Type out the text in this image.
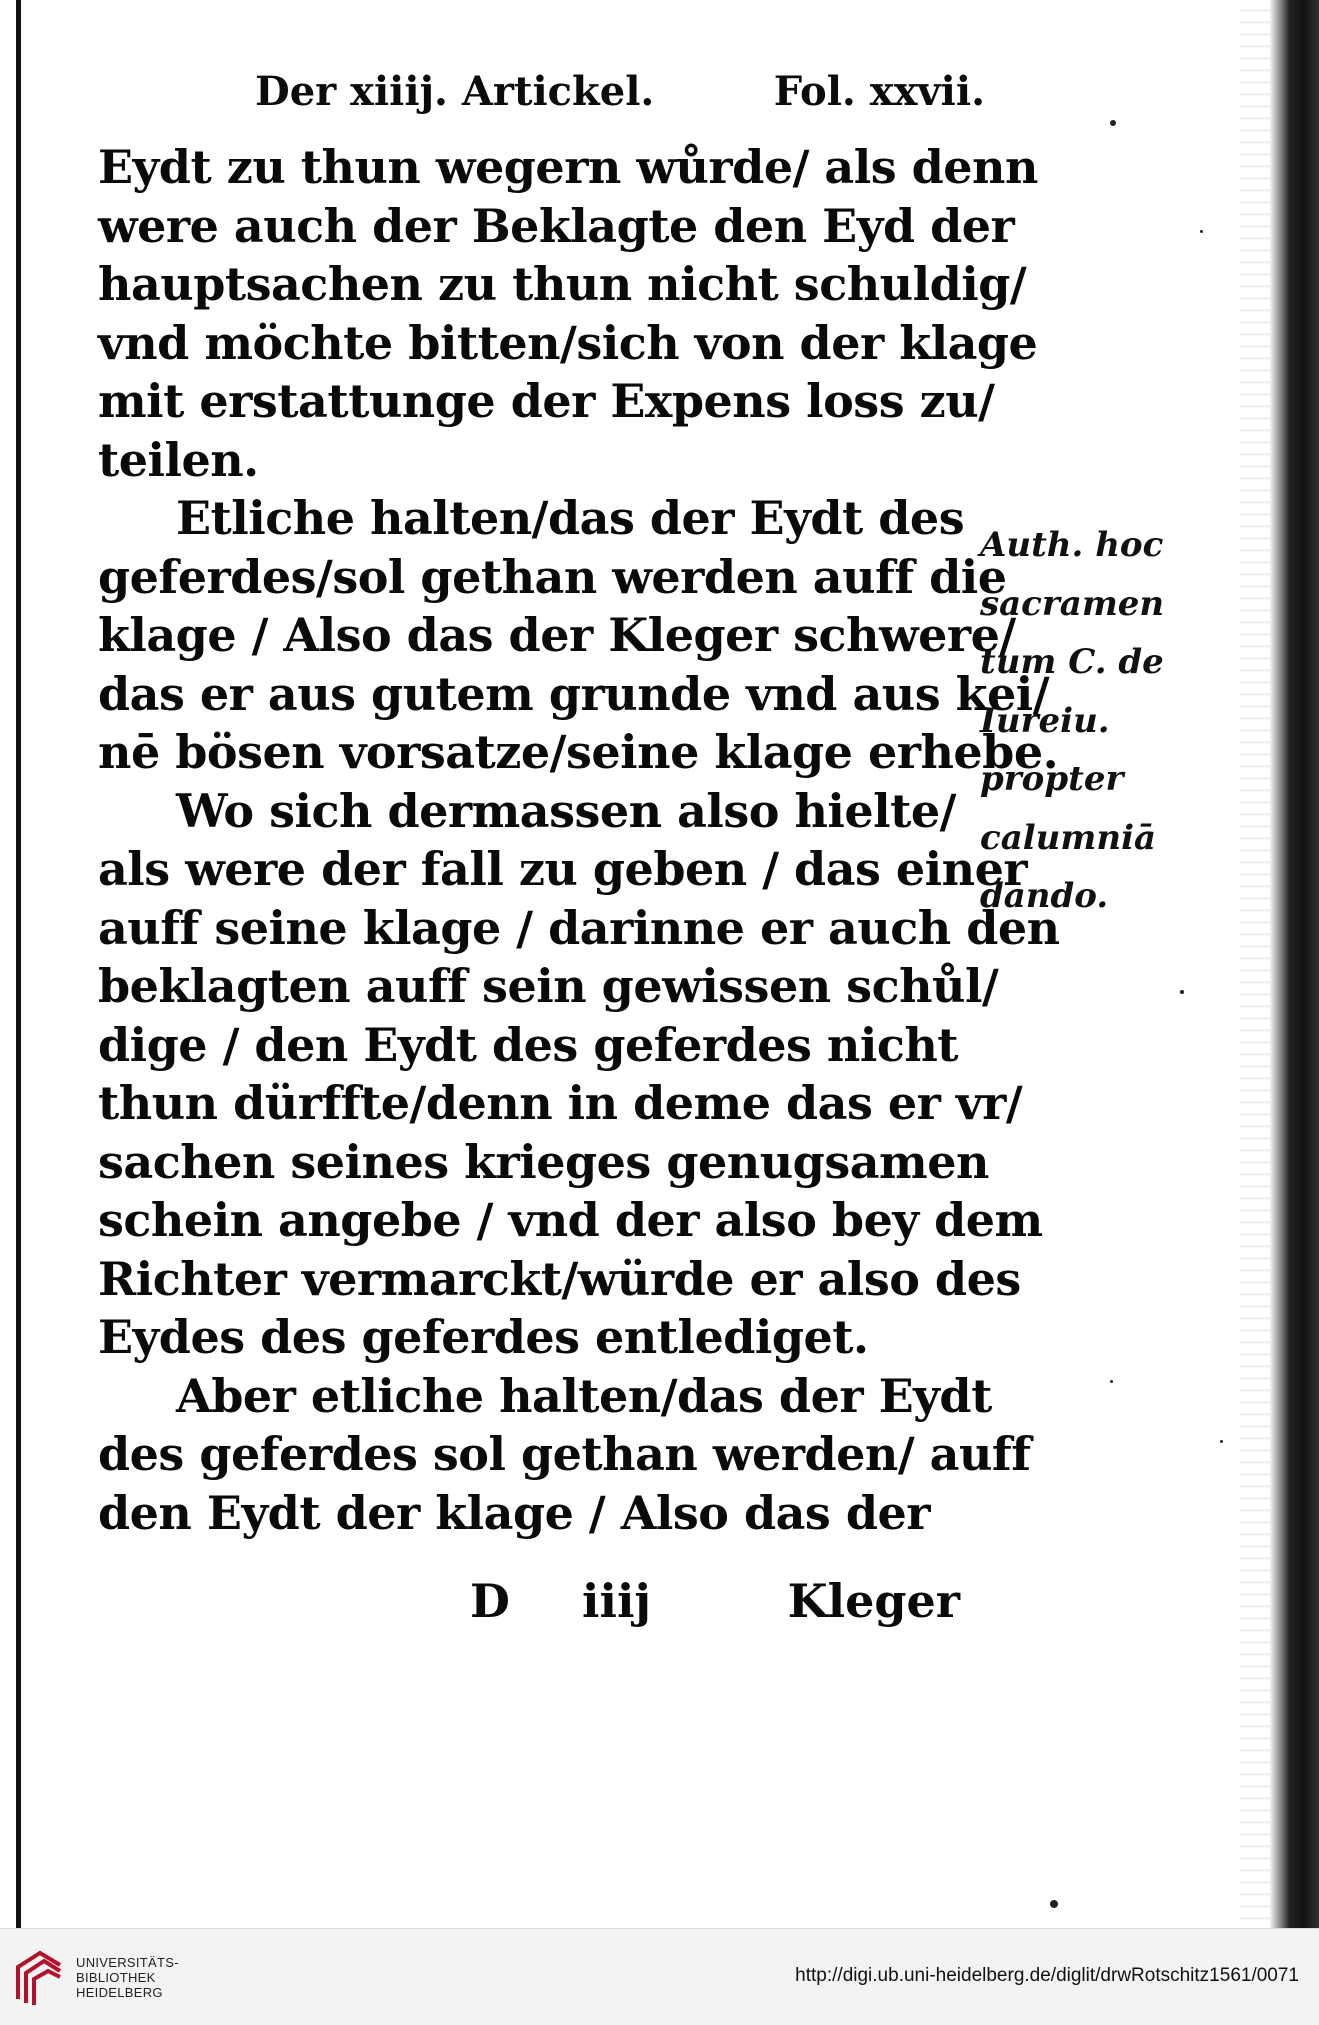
Der xiiij. Artickel.	Fol. xxvii.
Eydt zu thun wegern wůrde/ als denn
were auch der Beklagte den Eyd der
hauptsachen zu thun nicht schuldig/
vnd möchte bitten/sich von der klage
mit erstattunge der Expens loss zu/
teilen.
Etliche halten/das der Eydt des
geferdes/sol gethan werden auff die
klage / Also das der Kleger schwere/
das er aus gutem grunde vnd aus kei/
nē bösen vorsatze/seine klage erhebe.
Wo sich dermassen also hielte/
als were der fall zu geben / das einer
auff seine klage / darinne er auch den
beklagten auff sein gewissen schůl/
dige / den Eydt des geferdes nicht
thun dürffte/denn in deme das er vr/
sachen seines krieges genugsamen
schein angebe / vnd der also bey dem
Richter vermarckt/würde er also des
Eydes des geferdes entlediget.
Aber etliche halten/das der Eydt
des geferdes sol gethan werden/ auff
den Eydt der klage / Also das der
Auth. hoc
sacramen
tum C. de
Iureiu.
propter
calumniā
dando.
D iiij	Kleger
UNIVERSITÄTS-
BIBLIOTHEK
HEIDELBERG
http://digi.ub.uni-heidelberg.de/diglit/drwRotschitz1561/0071
